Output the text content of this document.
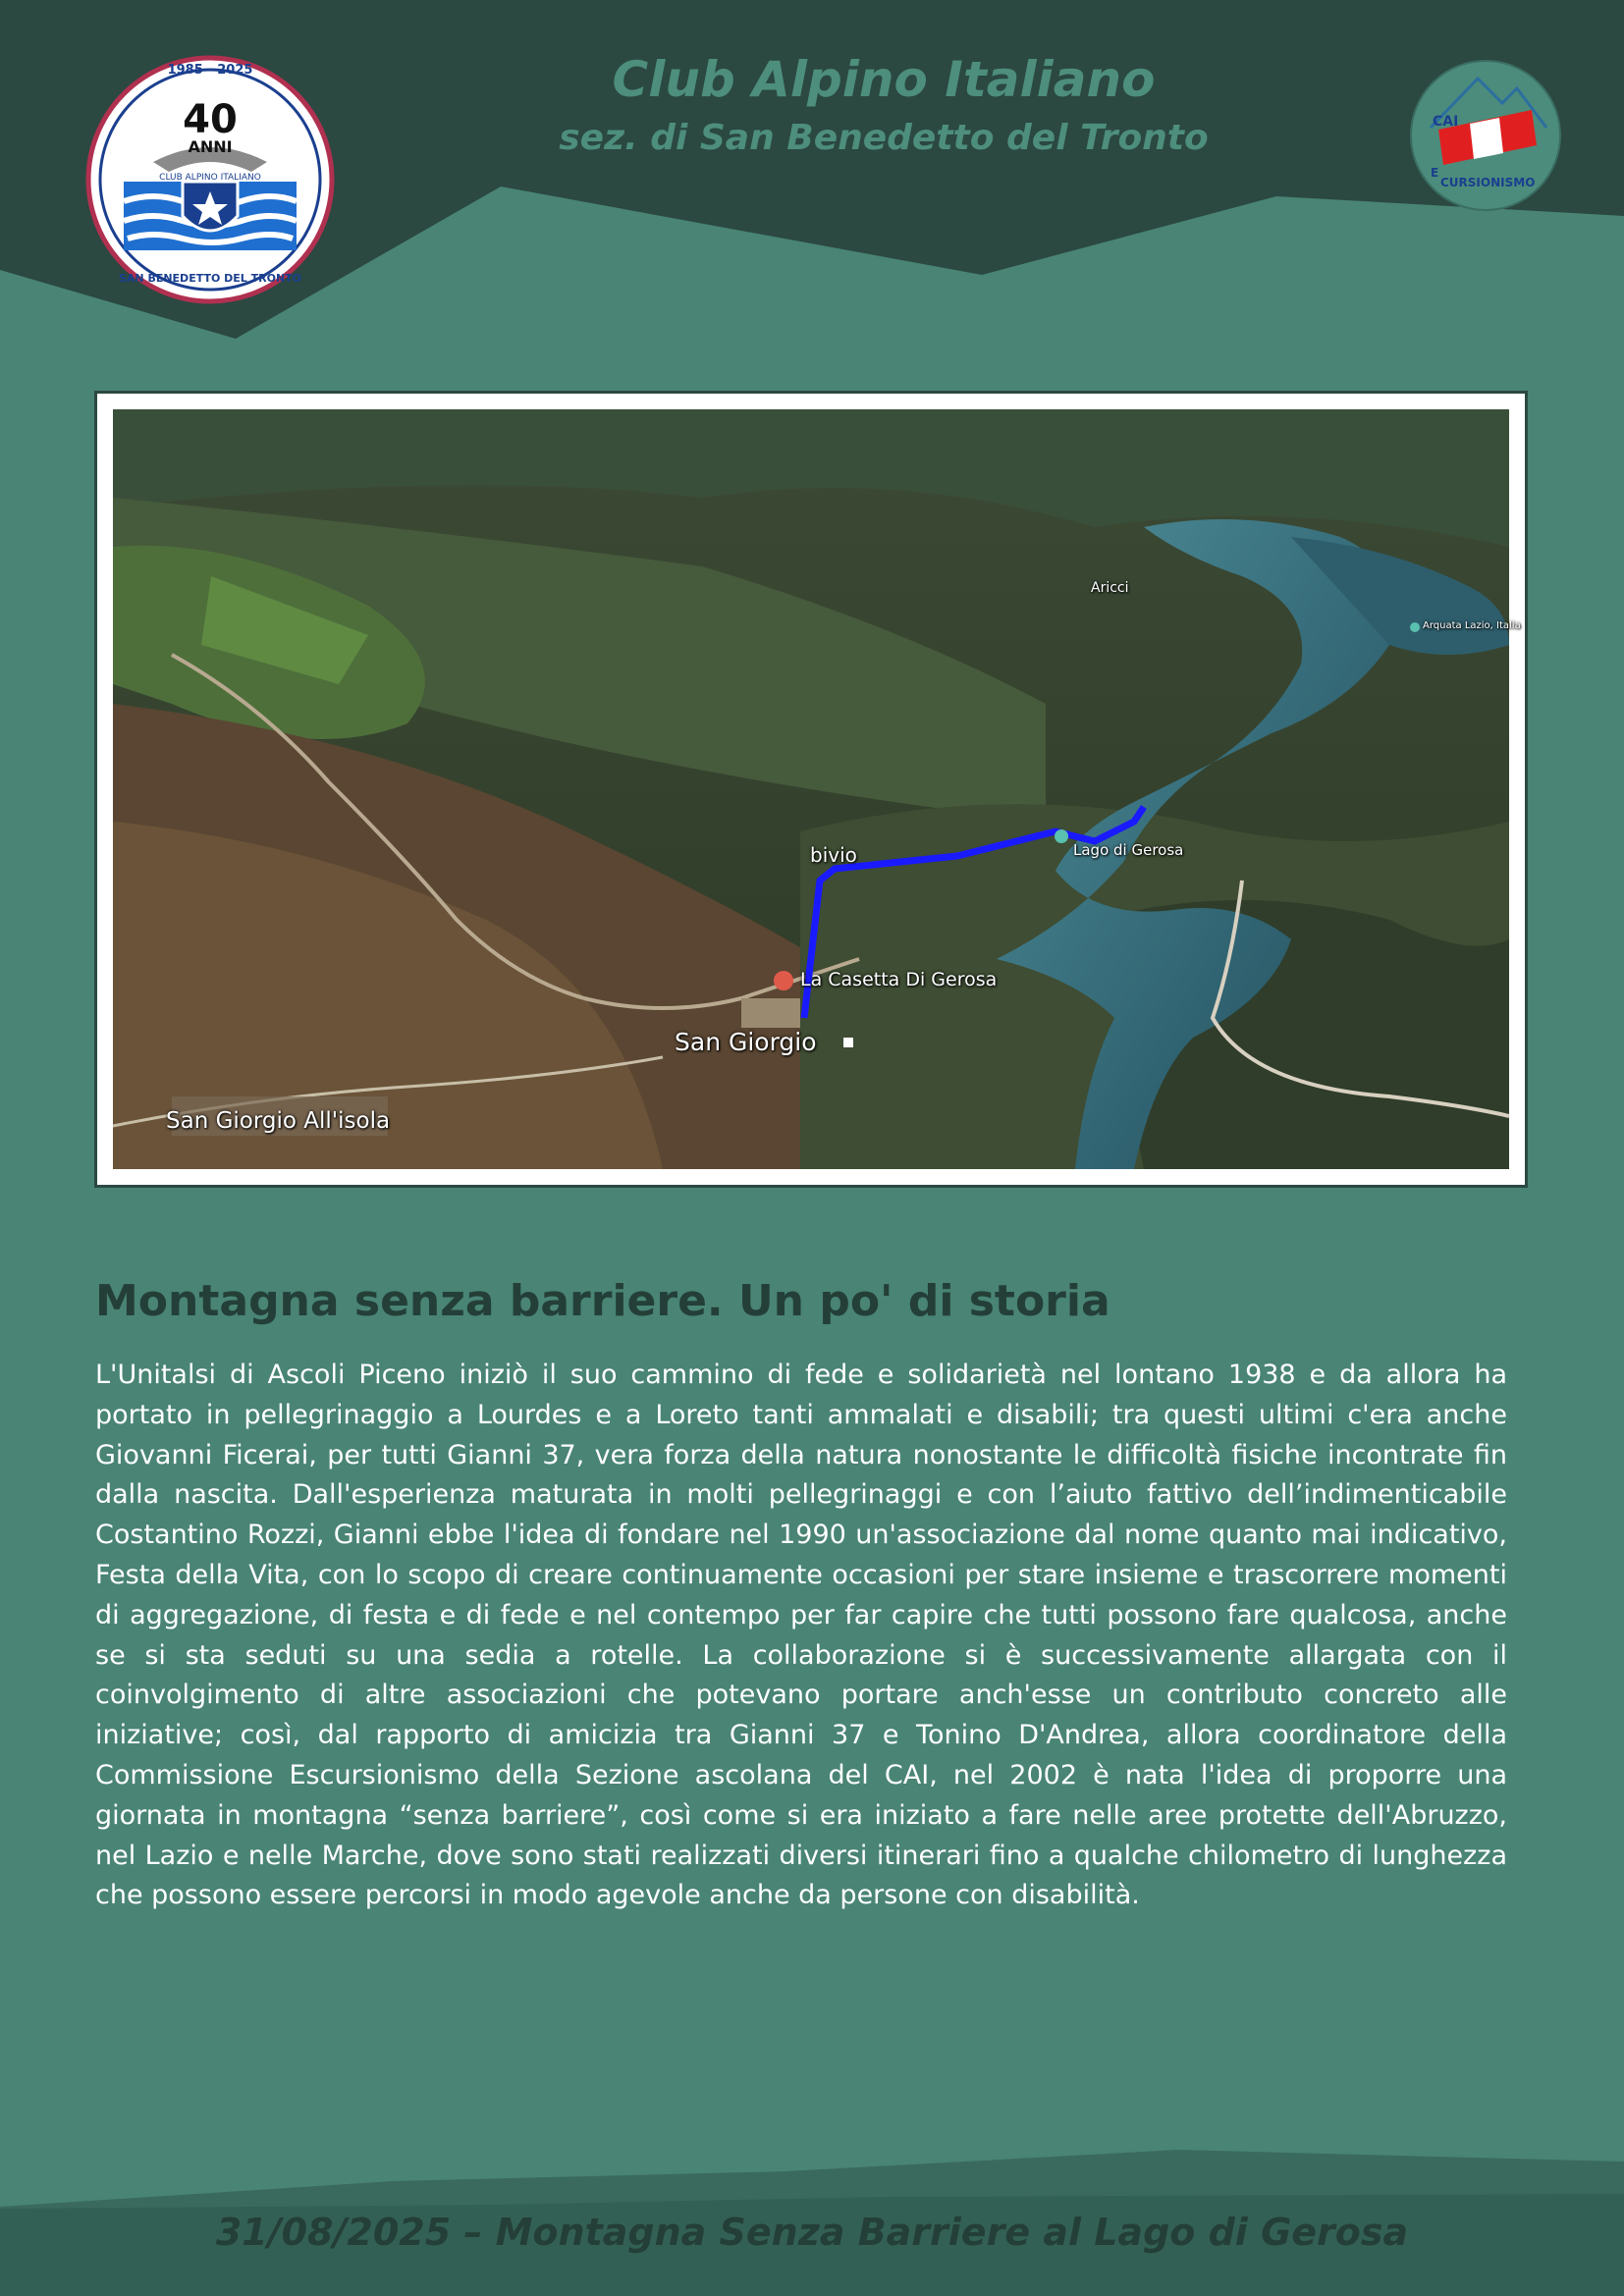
1985 - 2025
40
ANNI
CLUB ALPINO ITALIANO
SAN BENEDETTO DEL TRONTO
CAI
E
CURSIONISMO
Club Alpino Italiano
sez. di San Benedetto del Tronto
Aricci
Arquata Lazio, Italia
bivio	Lago di Gerosa
La Casetta Di Gerosa
San Giorgio
San Giorgio All'isola
Montagna senza barriere. Un po' di storia

L'Unitalsi di Ascoli Piceno iniziò il suo cammino di fede e solidarietà nel lontano 1938 e da allora ha portato in pellegrinaggio a Lourdes e a Loreto tanti ammalati e disabili; tra questi ultimi c'era anche Giovanni Ficerai, per tutti Gianni 37, vera forza della natura nonostante le difficoltà fisiche incontrate fin dalla nascita. Dall'esperienza maturata in molti pellegrinaggi e con l’aiuto fattivo dell’indimenticabile Costantino Rozzi, Gianni ebbe l'idea di fondare nel 1990 un'associazione dal nome quanto mai indicativo, Festa della Vita, con lo scopo di creare continuamente occasioni per stare insieme e trascorrere momenti di aggregazione, di festa e di fede e nel contempo per far capire che tutti possono fare qualcosa, anche se si sta seduti su una sedia a rotelle. La collaborazione si è successivamente allargata con il coinvolgimento di altre associazioni che potevano portare anch'esse un contributo concreto alle iniziative; così, dal rapporto di amicizia tra Gianni 37 e Tonino D'Andrea, allora coordinatore della Commissione Escursionismo della Sezione ascolana del CAI, nel 2002 è nata l'idea di proporre una giornata in montagna “senza barriere”, così come si era iniziato a fare nelle aree protette dell'Abruzzo, nel Lazio e nelle Marche, dove sono stati realizzati diversi itinerari fino a qualche chilometro di lunghezza che possono essere percorsi in modo agevole anche da persone con disabilità.

31/08/2025 – Montagna Senza Barriere al Lago di Gerosa
